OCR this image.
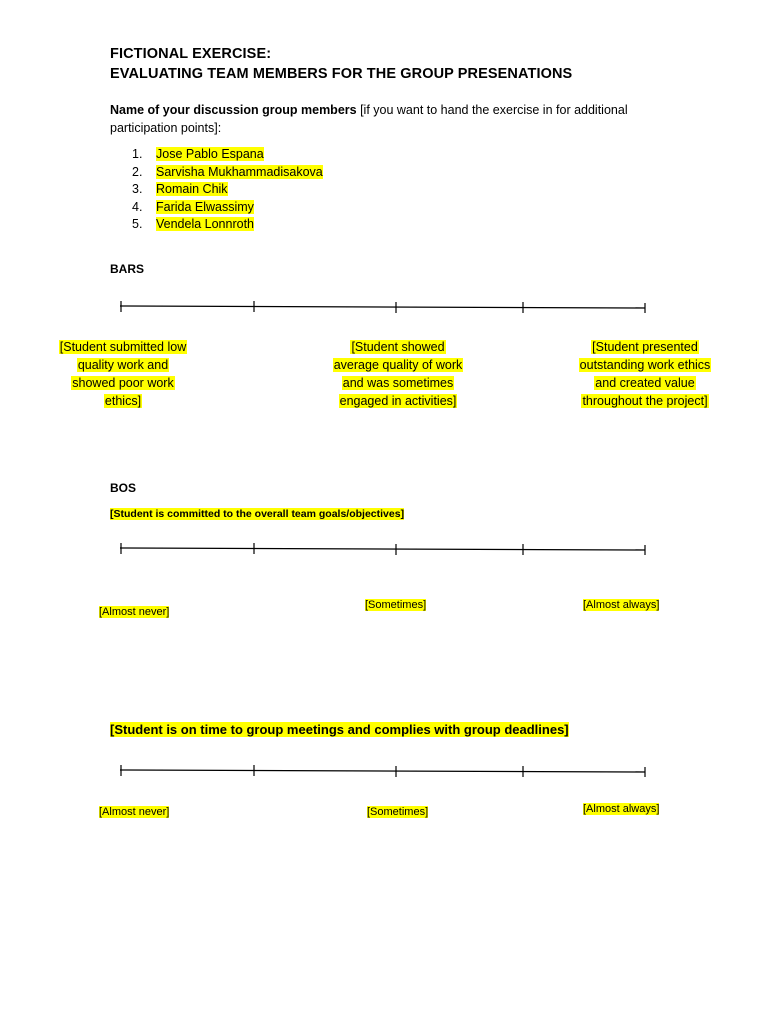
FICTIONAL EXERCISE:
EVALUATING TEAM MEMBERS FOR THE GROUP PRESENATIONS
Name of your discussion group members [if you want to hand the exercise in for additional participation points]:
1. Jose Pablo Espana
2. Sarvisha Mukhammadisakova
3. Romain Chik
4. Farida Elwassimy
5. Vendela Lonnroth
BARS
[Student submitted low
quality work and
showed poor work
ethics]
[Student showed
average quality of work
and was sometimes
engaged in activities]
[Student presented
outstanding work ethics
and created value
throughout the project]
BOS
[Student is committed to the overall team goals/objectives]
[Almost never]
[Sometimes]	[Almost always]
[Student is on time to group meetings and complies with group deadlines]
[Almost never]	[Sometimes]	[Almost always]
